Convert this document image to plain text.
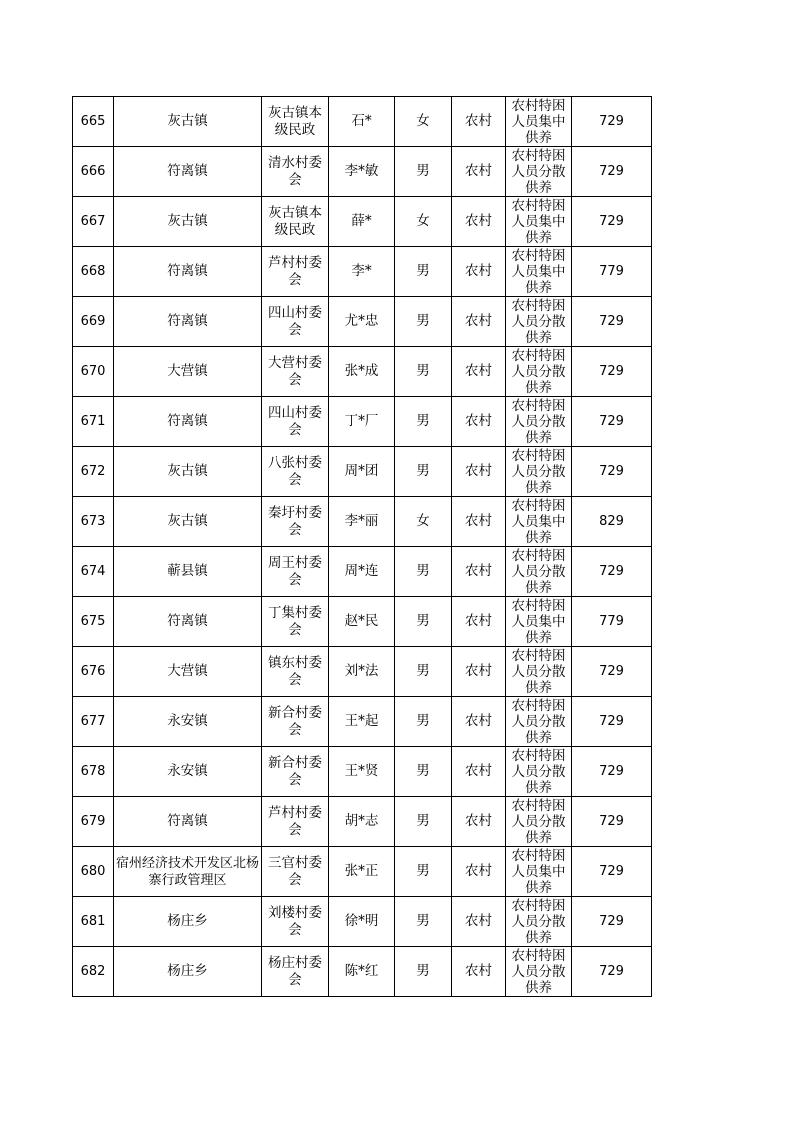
665	灰古镇	灰古镇本级民政	石*	女	农村	农村特困人员集中供养	729
666	符离镇	清水村委会	李*敏	男	农村	农村特困人员分散供养	729
667	灰古镇	灰古镇本级民政	薛*	女	农村	农村特困人员集中供养	729
668	符离镇	芦村村委会	李*	男	农村	农村特困人员集中供养	779
669	符离镇	四山村委会	尤*忠	男	农村	农村特困人员分散供养	729
670	大营镇	大营村委会	张*成	男	农村	农村特困人员分散供养	729
671	符离镇	四山村委会	丁*厂	男	农村	农村特困人员分散供养	729
672	灰古镇	八张村委会	周*团	男	农村	农村特困人员分散供养	729
673	灰古镇	秦圩村委会	李*丽	女	农村	农村特困人员集中供养	829
674	蕲县镇	周王村委会	周*连	男	农村	农村特困人员分散供养	729
675	符离镇	丁集村委会	赵*民	男	农村	农村特困人员集中供养	779
676	大营镇	镇东村委会	刘*法	男	农村	农村特困人员分散供养	729
677	永安镇	新合村委会	王*起	男	农村	农村特困人员分散供养	729
678	永安镇	新合村委会	王*贤	男	农村	农村特困人员分散供养	729
679	符离镇	芦村村委会	胡*志	男	农村	农村特困人员分散供养	729
680	宿州经济技术开发区北杨寨行政管理区	三官村委会	张*正	男	农村	农村特困人员集中供养	729
681	杨庄乡	刘楼村委会	徐*明	男	农村	农村特困人员分散供养	729
682	杨庄乡	杨庄村委会	陈*红	男	农村	农村特困人员分散供养	729
